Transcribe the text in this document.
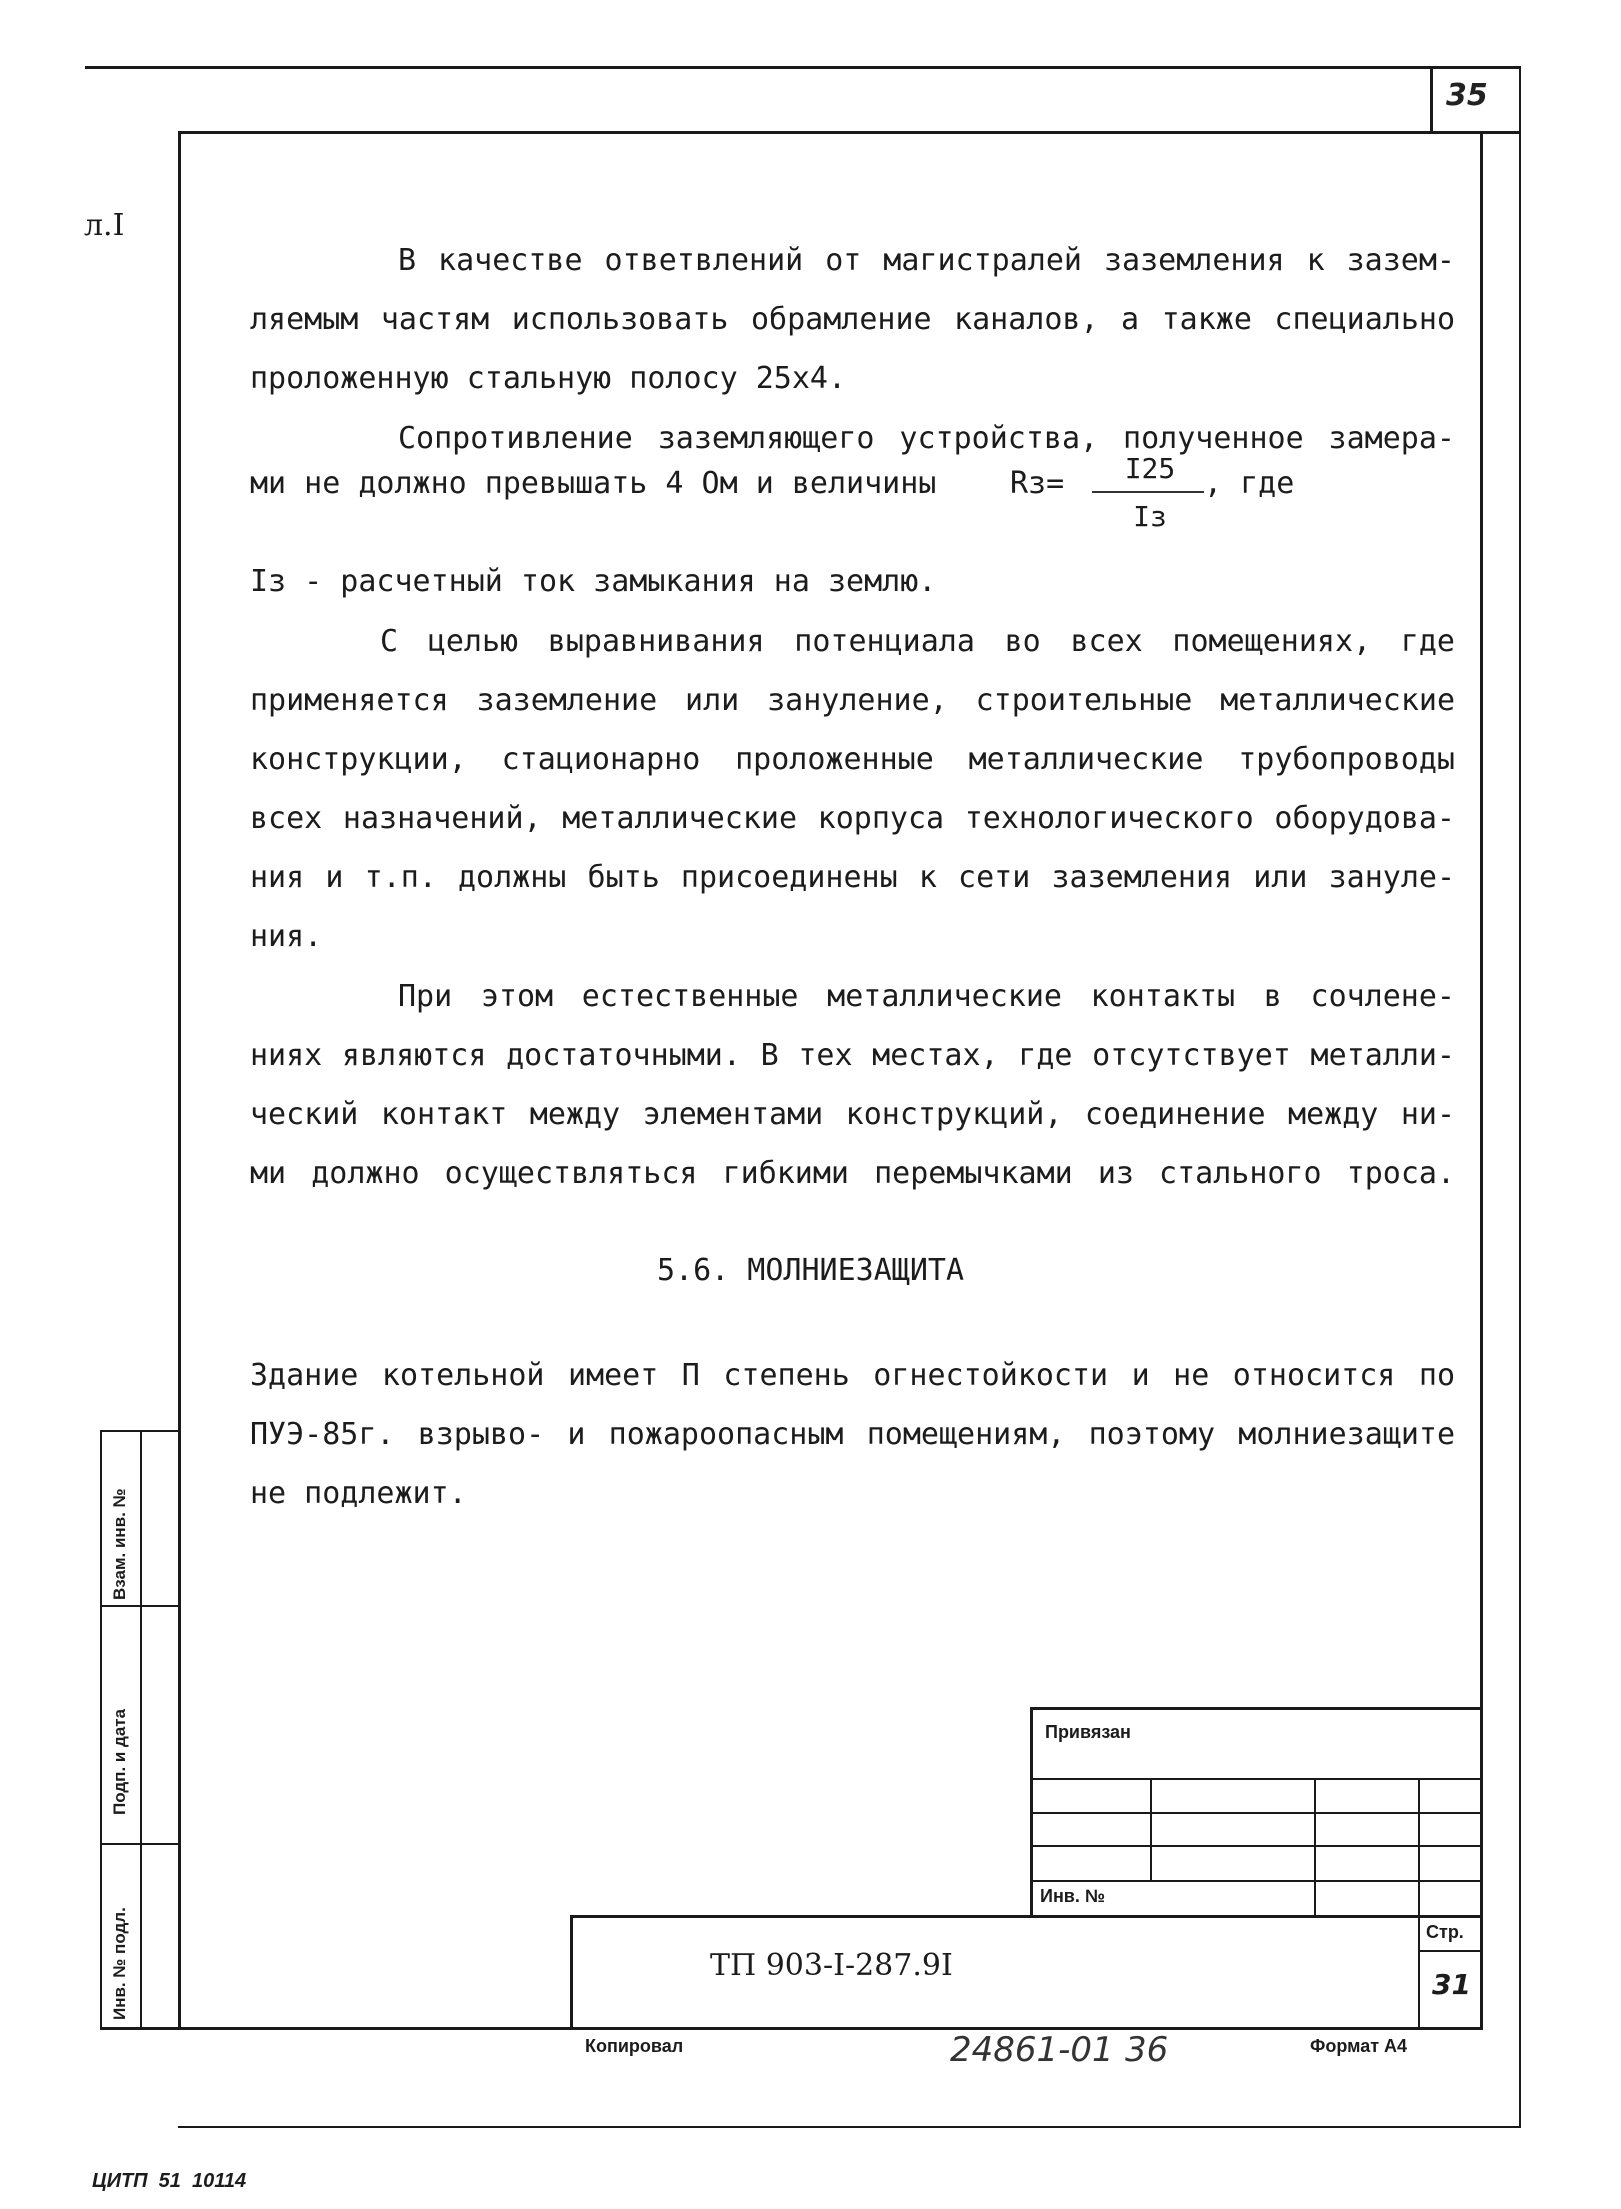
35
л.I
В качестве ответвлений от магистралей заземления к зазем-
ляемым частям использовать обрамление каналов, а также специально
проложенную стальную полосу 25х4.
Сопротивление заземляющего устройства, полученное замера-
ми не должно превышать 4 Ом и величины Rз=	I25
Iз
, где
Iз - расчетный ток замыкания на землю.
С целью выравнивания потенциала во всех помещениях, где
применяется заземление или зануление, строительные металлические
конструкции, стационарно проложенные металлические трубопроводы
всех назначений, металлические корпуса технологического оборудова-
ния и т.п. должны быть присоединены к сети заземления или зануле-
ния.
При этом естественные металлические контакты в сочлене-
ниях являются достаточными. В тех местах, где отсутствует металли-
ческий контакт между элементами конструкций, соединение между ни-
ми должно осуществляться гибкими перемычками из стального троса.
5.6. МОЛНИЕЗАЩИТА
Здание котельной имеет П степень огнестойкости и не относится по
ПУЭ-85г. взрыво- и пожароопасным помещениям, поэтому молниезащите
не подлежит.
Взам. инв. №
Подп. и дата
Инв. № подл.
Привязан
Инв. №
ТП 903-I-287.9I
Стр.
31
Копировал	24861-01 36	Формат А4
ЦИТП  51  10114
